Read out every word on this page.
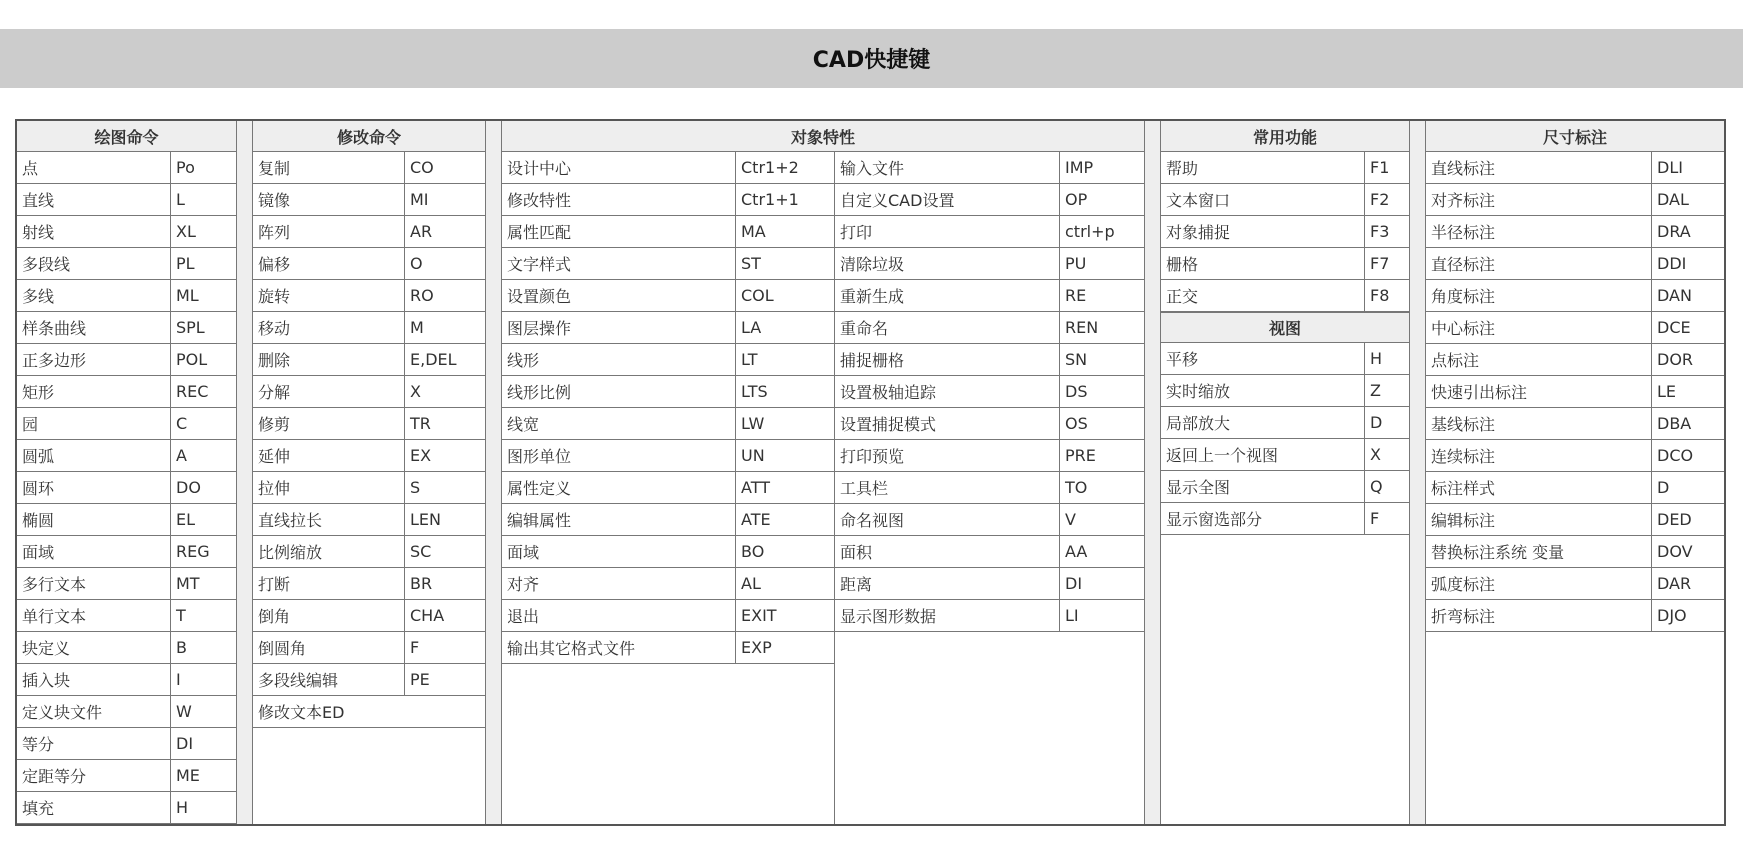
CAD快捷键
绘图命令
点	Po
直线	L
射线	XL
多段线	PL
多线	ML
样条曲线	SPL
正多边形	POL
矩形	REC
园	C
圆弧	A
圆环	DO
椭圆	EL
面域	REG
多行文本	MT
单行文本	T
块定义	B
插入块	I
定义块文件	W
等分	DI
定距等分	ME
填充	H
修改命令
复制	CO
镜像	MI
阵列	AR
偏移	O
旋转	RO
移动	M
删除	E,DEL
分解	X
修剪	TR
延伸	EX
拉伸	S
直线拉长	LEN
比例缩放	SC
打断	BR
倒角	CHA
倒圆角	F
多段线编辑	PE
修改文本ED
对象特性
设计中心	Ctr1+2
修改特性	Ctr1+1
属性匹配	MA
文字样式	ST
设置颜色	COL
图层操作	LA
线形	LT
线形比例	LTS
线宽	LW
图形单位	UN
属性定义	ATT
编辑属性	ATE
面域	BO
对齐	AL
退出	EXIT
输出其它格式文件	EXP
输入文件	IMP
自定义CAD设置	OP
打印	ctrl+p
清除垃圾	PU
重新生成	RE
重命名	REN
捕捉栅格	SN
设置极轴追踪	DS
设置捕捉模式	OS
打印预览	PRE
工具栏	TO
命名视图	V
面积	AA
距离	DI
显示图形数据	LI
常用功能
帮助	F1
文本窗口	F2
对象捕捉	F3
栅格	F7
正交	F8
视图
平移	H
实时缩放	Z
局部放大	D
返回上一个视图	X
显示全图	Q
显示窗选部分	F
尺寸标注
直线标注	DLI
对齐标注	DAL
半径标注	DRA
直径标注	DDI
角度标注	DAN
中心标注	DCE
点标注	DOR
快速引出标注	LE
基线标注	DBA
连续标注	DCO
标注样式	D
编辑标注	DED
替换标注系统 变量	DOV
弧度标注	DAR
折弯标注	DJO
